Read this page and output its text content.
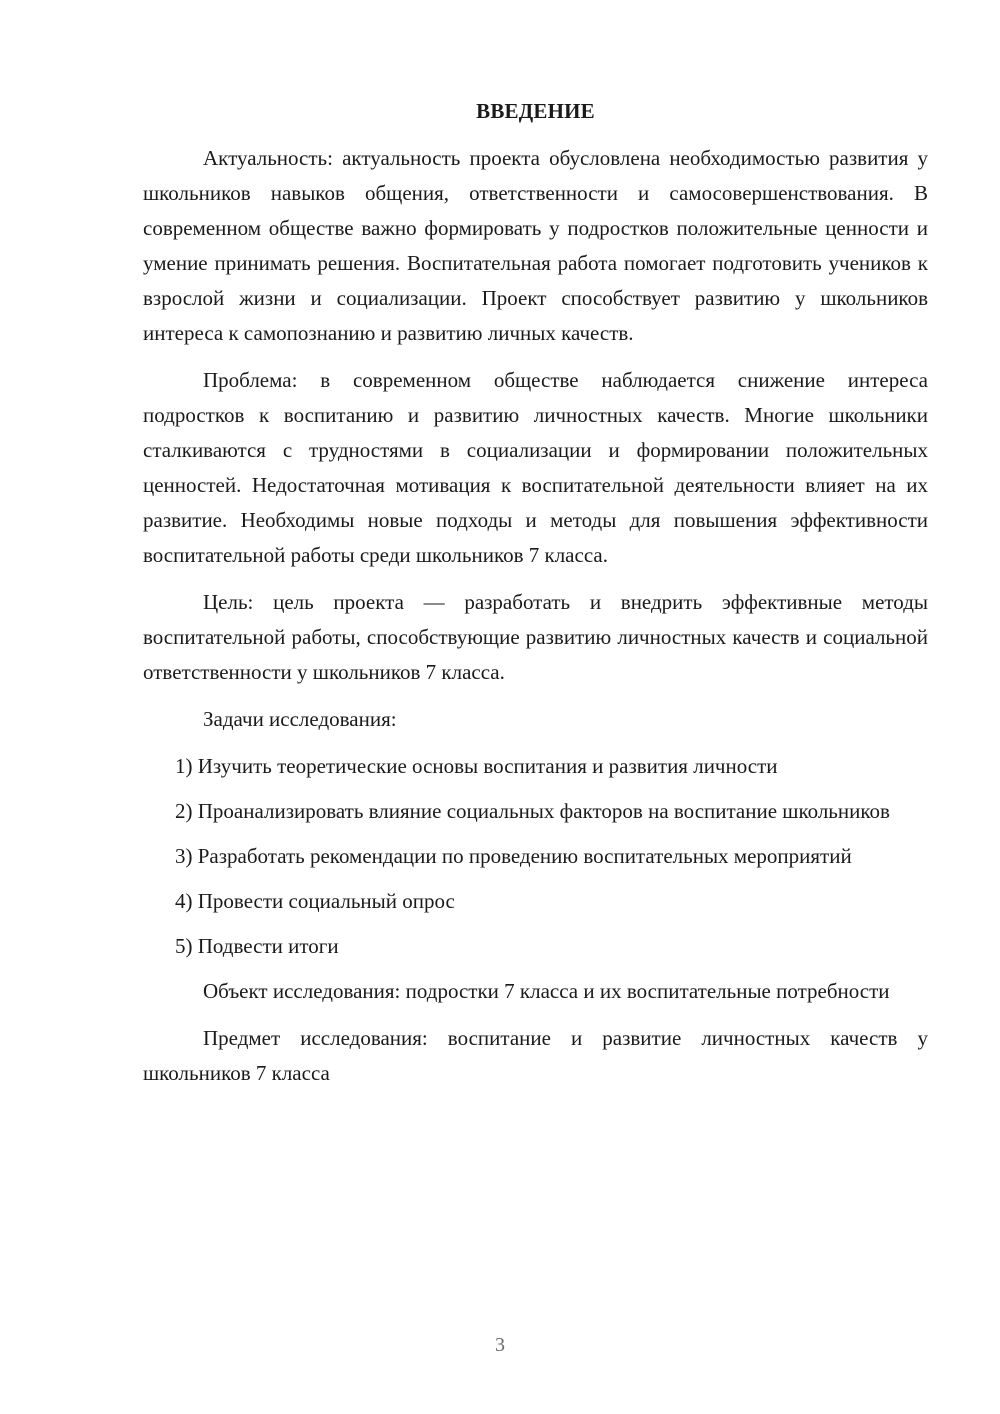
ВВЕДЕНИЕ

Актуальность: актуальность проекта обусловлена необходимостью развития у школьников навыков общения, ответственности и самосовершенствования. В современном обществе важно формировать у подростков положительные ценности и умение принимать решения. Воспитательная работа помогает подготовить учеников к взрослой жизни и социализации. Проект способствует развитию у школьников интереса к самопознанию и развитию личных качеств.

Проблема: в современном обществе наблюдается снижение интереса подростков к воспитанию и развитию личностных качеств. Многие школьники сталкиваются с трудностями в социализации и формировании положительных ценностей. Недостаточная мотивация к воспитательной деятельности влияет на их развитие. Необходимы новые подходы и методы для повышения эффективности воспитательной работы среди школьников 7 класса.

Цель: цель проекта — разработать и внедрить эффективные методы воспитательной работы, способствующие развитию личностных качеств и социальной ответственности у школьников 7 класса.

Задачи исследования:

1) Изучить теоретические основы воспитания и развития личности

2) Проанализировать влияние социальных факторов на воспитание школьников

3) Разработать рекомендации по проведению воспитательных мероприятий

4) Провести социальный опрос

5) Подвести итоги

Объект исследования: подростки 7 класса и их воспитательные потребности

Предмет исследования: воспитание и развитие личностных качеств у школьников 7 класса

3
